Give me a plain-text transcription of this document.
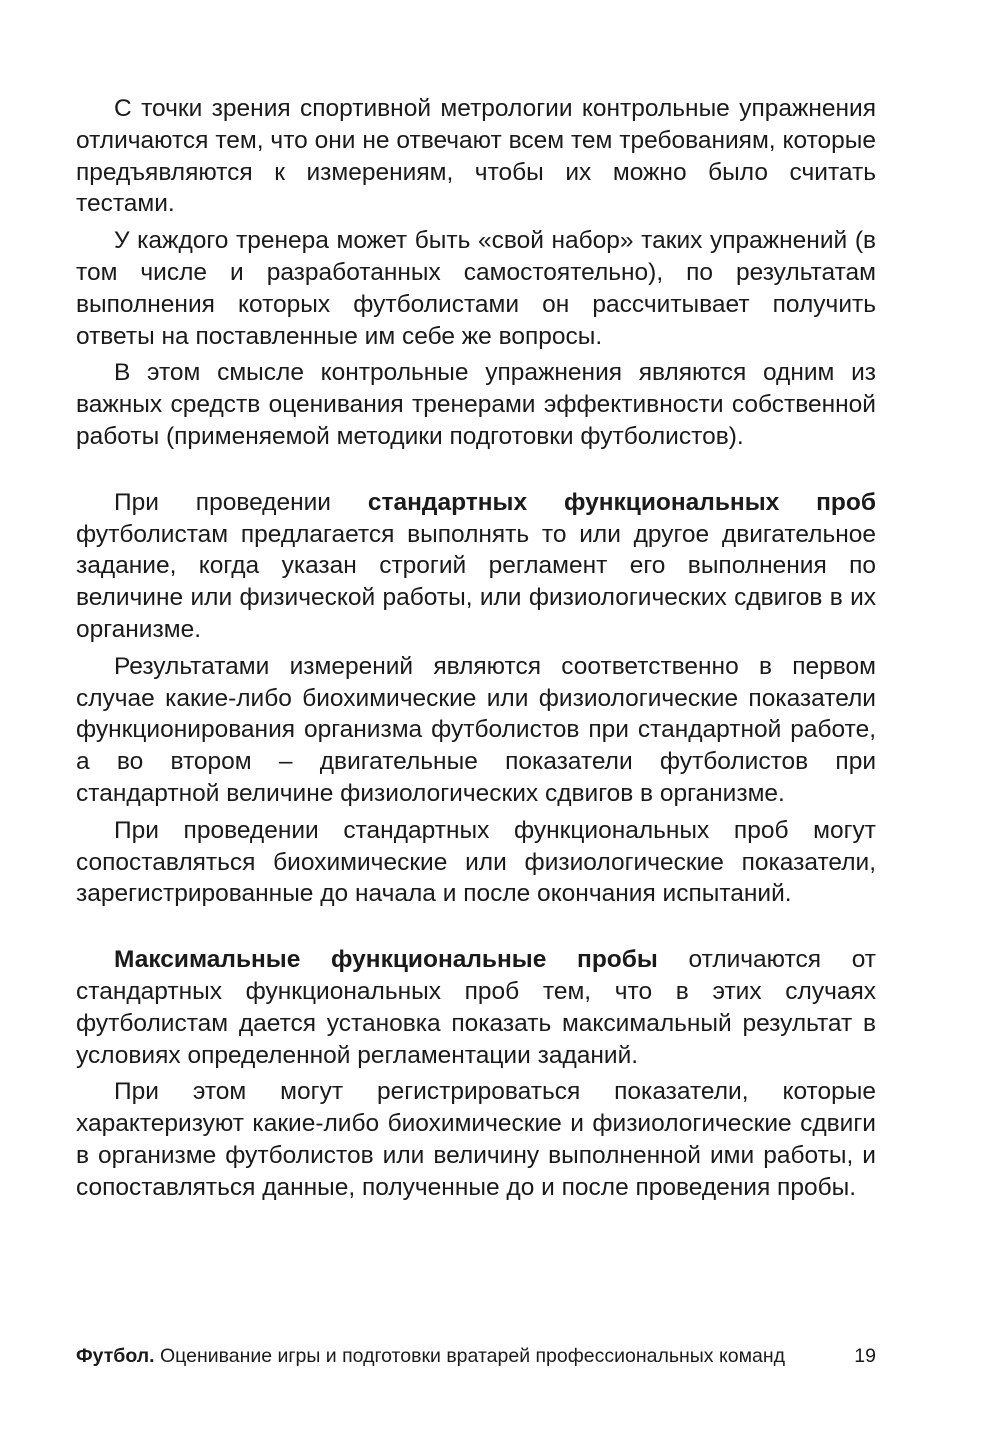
С точки зрения спортивной метрологии контрольные упражнения отличаются тем, что они не отвечают всем тем требованиям, которые предъявляются к измерениям, чтобы их можно было считать тестами.

У каждого тренера может быть «свой набор» таких упражнений (в том числе и разработанных самостоятельно), по результатам выполнения которых футболистами он рассчитывает получить ответы на поставленные им себе же вопросы.

В этом смысле контрольные упражнения являются одним из важных средств оценивания тренерами эффективности собственной работы (применяемой методики подготовки футболистов).

При проведении стандартных функциональных проб футболистам предлагается выполнять то или другое двигательное задание, когда указан строгий регламент его выполнения по величине или физической работы, или физиологических сдвигов в их организме.

Результатами измерений являются соответственно в первом случае какие-либо биохимические или физиологические показатели функционирования организма футболистов при стандартной работе, а во втором – двигательные показатели футболистов при стандартной величине физиологических сдвигов в организме.

При проведении стандартных функциональных проб могут сопоставляться биохимические или физиологические показатели, зарегистрированные до начала и после окончания испытаний.

Максимальные функциональные пробы отличаются от стандартных функциональных проб тем, что в этих случаях футболистам дается установка показать максимальный результат в условиях определенной регламентации заданий.

При этом могут регистрироваться показатели, которые характеризуют какие-либо биохимические и физиологические сдвиги в организме футболистов или величину выполненной ими работы, и сопоставляться данные, полученные до и после проведения пробы.

Футбол. Оценивание игры и подготовки вратарей профессиональных команд	19
